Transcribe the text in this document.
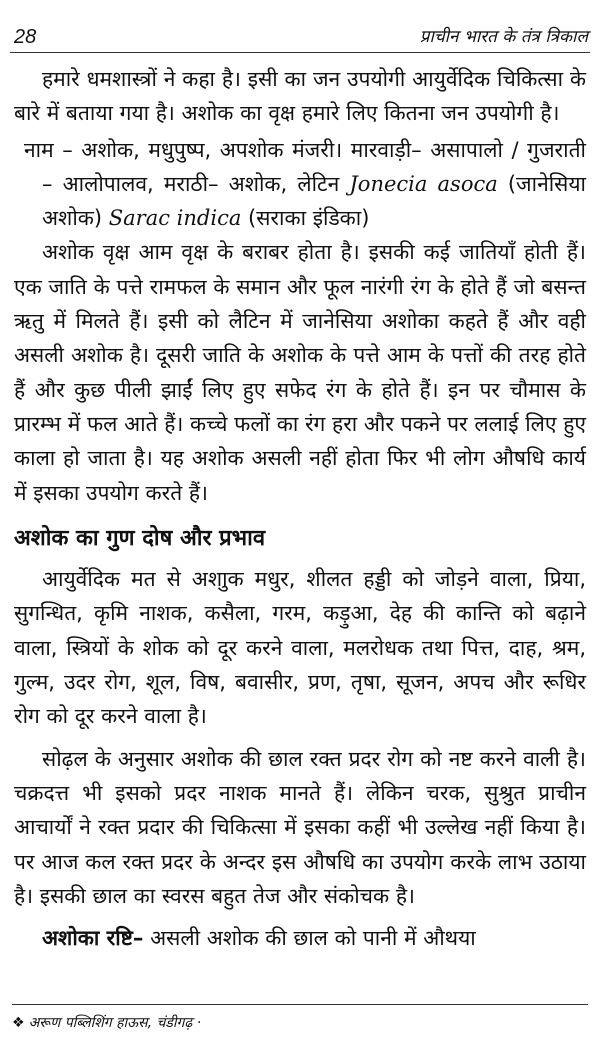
28	प्राचीन भारत के तंत्र त्रिकाल

हमारे धमशास्त्रों ने कहा है। इसी का जन उपयोगी आयुर्वेदिक चिकित्सा के बारे में बताया गया है। अशोक का वृक्ष हमारे लिए कितना जन उपयोगी है।

नाम – अशोक, मधुपुष्प, अपशोक मंजरी। मारवाड़ी– असापालो / गुजराती – आलोपालव, मराठी– अशोक, लेटिन Jonecia asoca (जानेसिया अशोक) Sarac indica (सराका इंडिका)

अशोक वृक्ष आम वृक्ष के बराबर होता है। इसकी कई जातियाँ होती हैं। एक जाति के पत्ते रामफल के समान और फूल नारंगी रंग के होते हैं जो बसन्त ऋतु में मिलते हैं। इसी को लैटिन में जानेसिया अशोका कहते हैं और वही असली अशोक है। दूसरी जाति के अशोक के पत्ते आम के पत्तों की तरह होते हैं और कुछ पीली झाईं लिए हुए सफेद रंग के होते हैं। इन पर चौमास के प्रारम्भ में फल आते हैं। कच्चे फलों का रंग हरा और पकने पर ललाई लिए हुए काला हो जाता है। यह अशोक असली नहीं होता फिर भी लोग औषधि कार्य में इसका उपयोग करते हैं।

अशोक का गुण दोष और प्रभाव

आयुर्वेदिक मत से अशाुक मधुर, शीलत हड्डी को जोड़ने वाला, प्रिया, सुगन्धित, कृमि नाशक, कसैला, गरम, कड़ुआ, देह की कान्ति को बढ़ाने वाला, स्त्रियों के शोक को दूर करने वाला, मलरोधक तथा पित्त, दाह, श्रम, गुल्म, उदर रोग, शूल, विष, बवासीर, प्रण, तृषा, सूजन, अपच और रूधिर रोग को दूर करने वाला है।

सोढ़ल के अनुसार अशोक की छाल रक्त प्रदर रोग को नष्ट करने वाली है। चक्रदत्त भी इसको प्रदर नाशक मानते हैं। लेकिन चरक, सुश्रुत प्राचीन आचार्यों ने रक्त प्रदार की चिकित्सा में इसका कहीं भी उल्लेख नहीं किया है। पर आज कल रक्त प्रदर के अन्दर इस औषधि का उपयोग करके लाभ उठाया है। इसकी छाल का स्वरस बहुत तेज और संकोचक है।

अशोका रष्टि– असली अशोक की छाल को पानी में औथया

❖ अरूण पब्लिशिंग हाऊस, चंडीगढ़ ·
